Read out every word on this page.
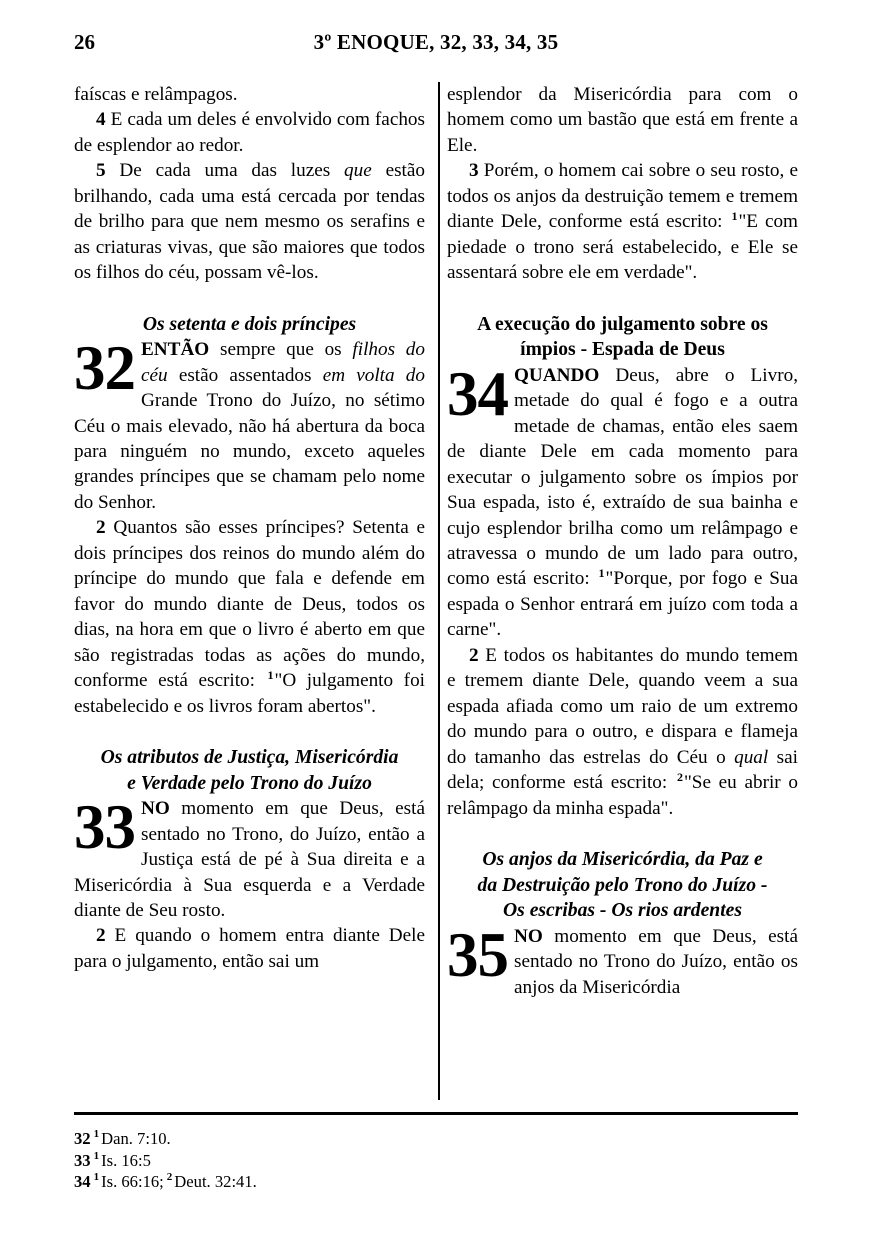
26	3º ENOQUE, 32, 33, 34, 35

faíscas e relâmpagos.

4 E cada um deles é envolvido com fachos de esplendor ao redor.

5 De cada uma das luzes que estão brilhando, cada uma está cercada por tendas de brilho para que nem mesmo os serafins e as criaturas vivas, que são maiores que todos os filhos do céu, possam vê-los.

Os setenta e dois príncipes
32 ENTÃO sempre que os filhos do céu estão assentados em volta do Grande Trono do Juízo, no sétimo Céu o mais elevado, não há abertura da boca para ninguém no mundo, exceto aqueles grandes príncipes que se chamam pelo nome do Senhor.

2 Quantos são esses príncipes? Setenta e dois príncipes dos reinos do mundo além do príncipe do mundo que fala e defende em favor do mundo diante de Deus, todos os dias, na hora em que o livro é aberto em que são registradas todas as ações do mundo, conforme está escrito: $^1$"O julgamento foi estabelecido e os livros foram abertos".

Os atributos de Justiça, Misericórdia
e Verdade pelo Trono do Juízo
33 NO momento em que Deus, está sentado no Trono, do Juízo, então a Justiça está de pé à Sua direita e a Misericórdia à Sua esquerda e a Verdade diante de Seu rosto.

2 E quando o homem entra diante Dele para o julgamento, então sai um

esplendor da Misericórdia para com o homem como um bastão que está em frente a Ele.

3 Porém, o homem cai sobre o seu rosto, e todos os anjos da destruição temem e tremem diante Dele, conforme está escrito: $^1$"E com piedade o trono será estabelecido, e Ele se assentará sobre ele em verdade".

A execução do julgamento sobre os
ímpios - Espada de Deus
34 QUANDO Deus, abre o Livro, metade do qual é fogo e a outra metade de chamas, então eles saem de diante Dele em cada momento para executar o julgamento sobre os ímpios por Sua espada, isto é, extraído de sua bainha e cujo esplendor brilha como um relâmpago e atravessa o mundo de um lado para outro, como está escrito: $^1$"Porque, por fogo e Sua espada o Senhor entrará em juízo com toda a carne".

2 E todos os habitantes do mundo temem e tremem diante Dele, quando veem a sua espada afiada como um raio de um extremo do mundo para o outro, e dispara e flameja do tamanho das estrelas do Céu o qual sai dela; conforme está escrito: $^2$"Se eu abrir o relâmpago da minha espada".

Os anjos da Misericórdia, da Paz e
da Destruição pelo Trono do Juízo -
Os escribas - Os rios ardentes
35 NO momento em que Deus, está sentado no Trono do Juízo, então os anjos da Misericórdia

32 $^1$ Dan. 7:10.

33 $^1$ Is. 16:5

34 $^1$ Is. 66:16; $^2$ Deut. 32:41.
